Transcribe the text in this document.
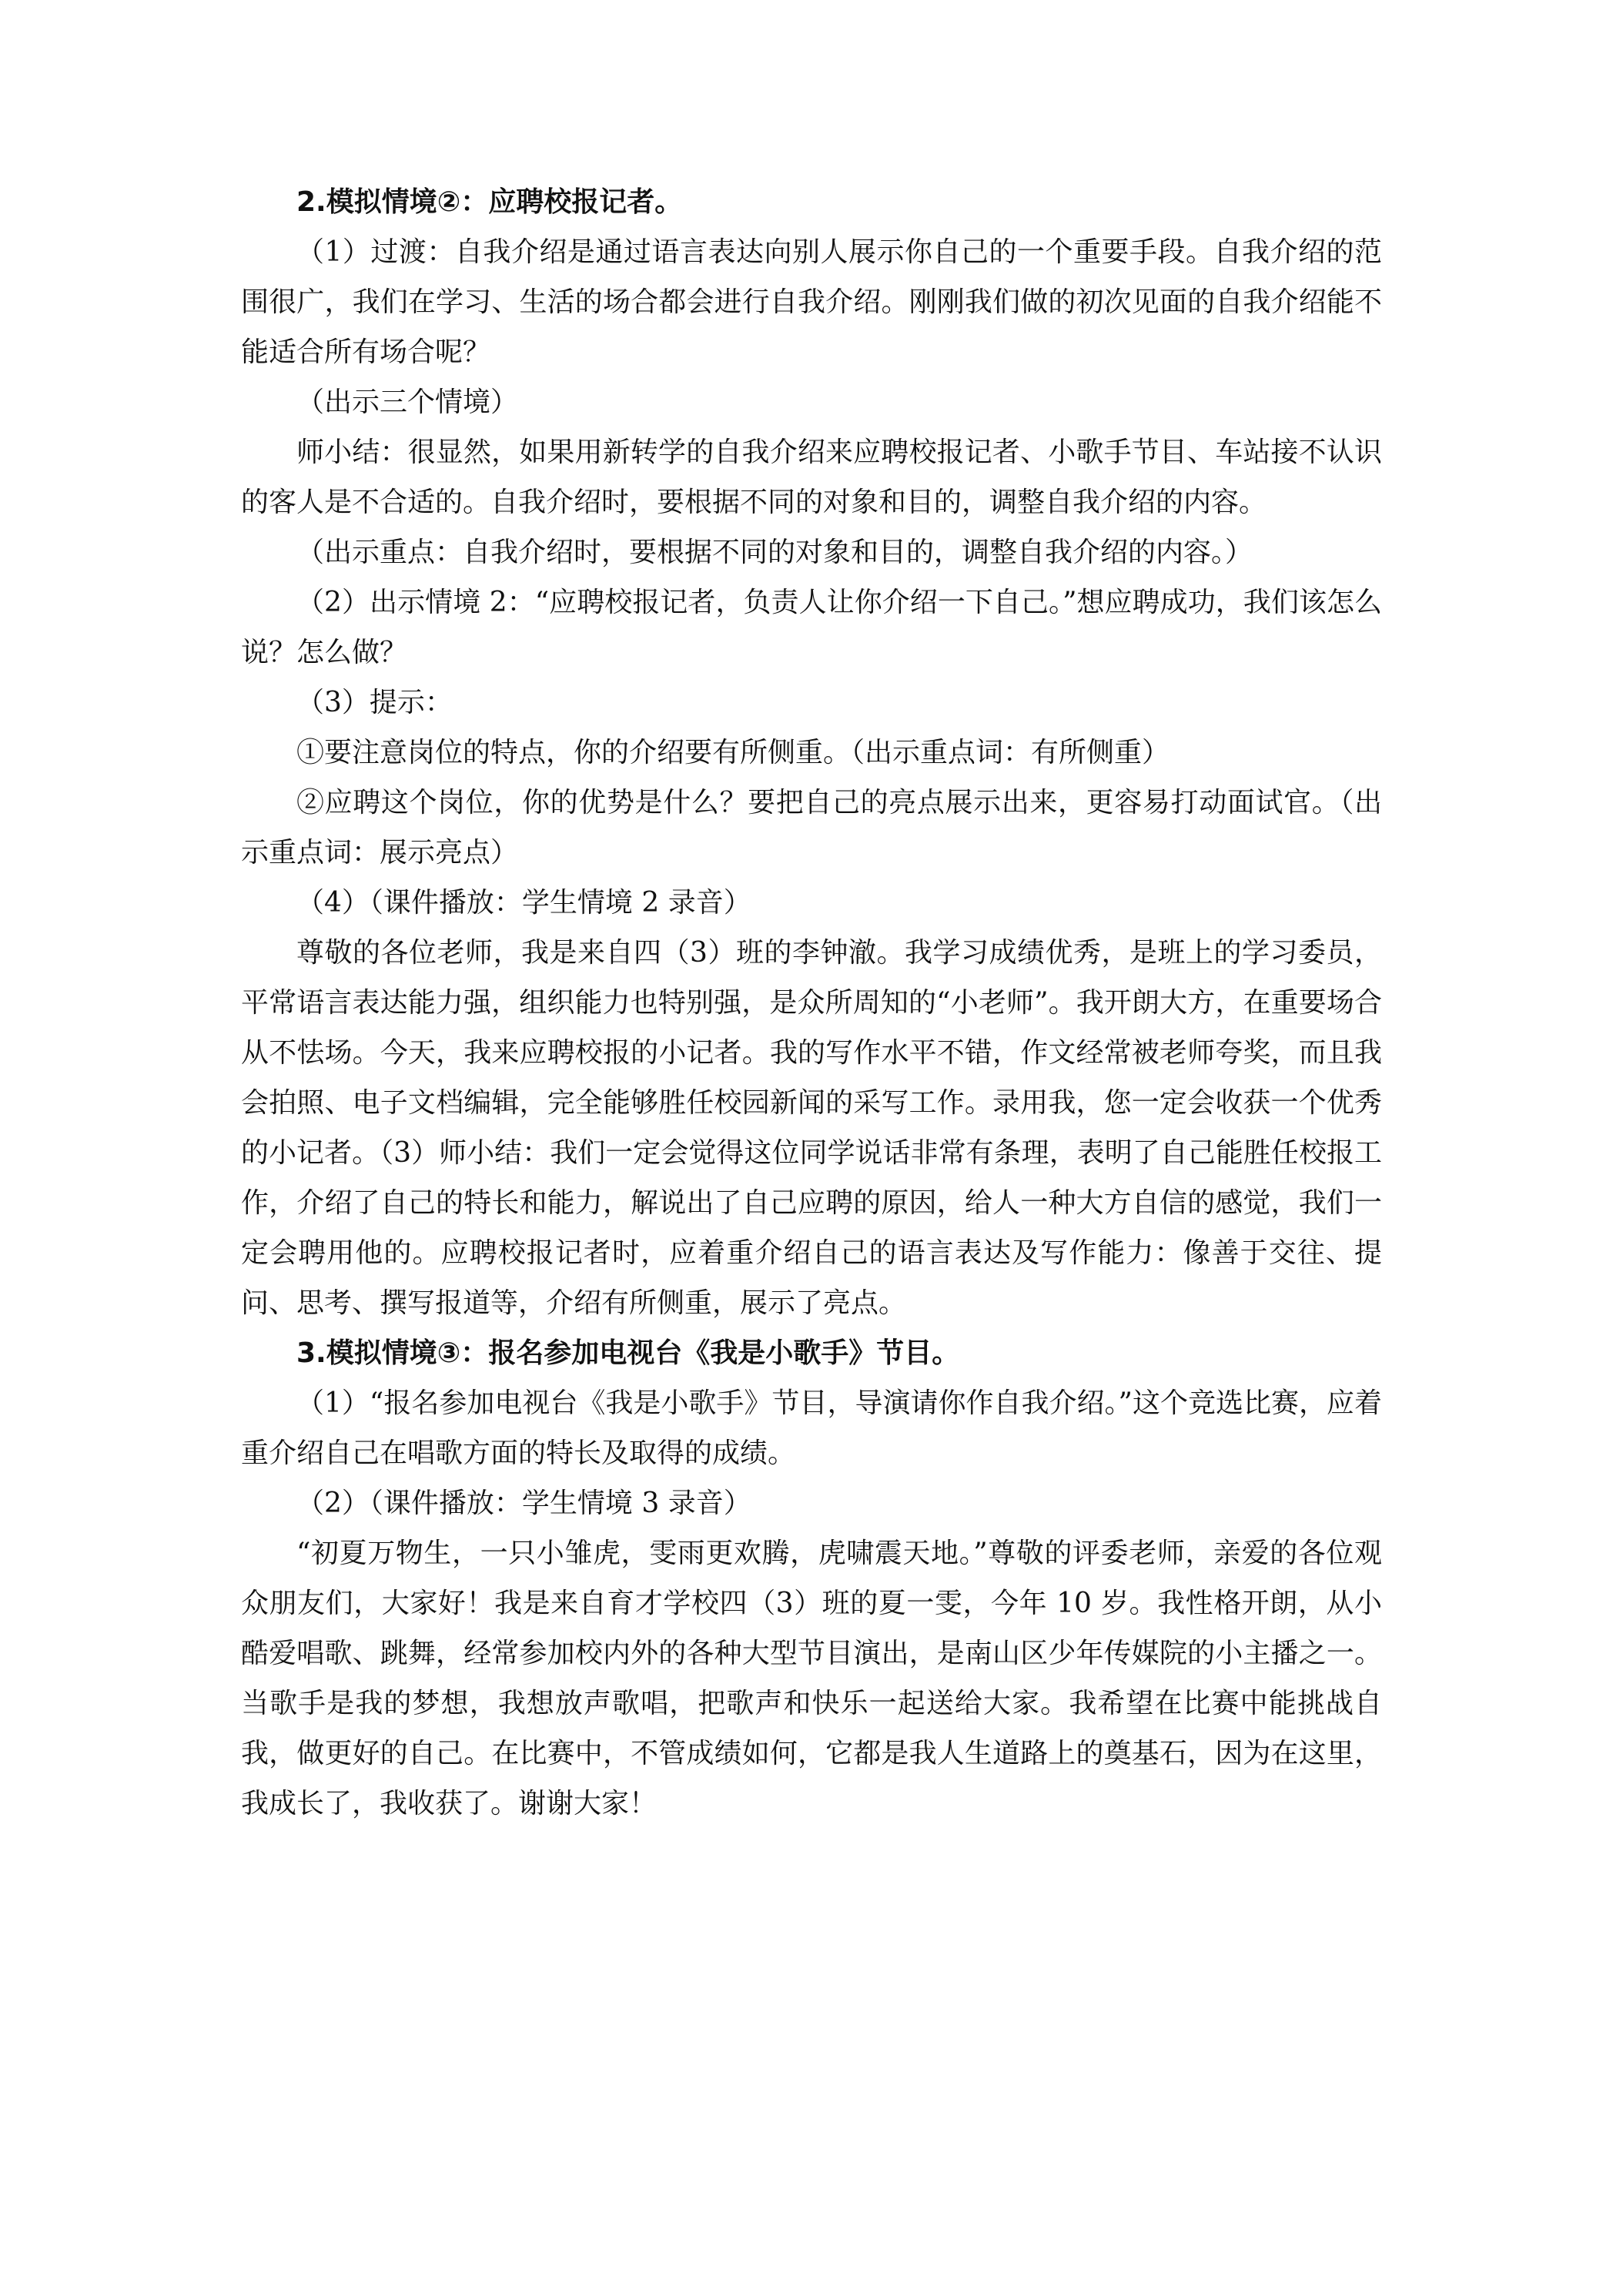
2.模拟情境②：应聘校报记者。

（1）过渡：自我介绍是通过语言表达向别人展示你自己的一个重要手段。自我介绍的范围很广，我们在学习、生活的场合都会进行自我介绍。刚刚我们做的初次见面的自我介绍能不能适合所有场合呢？

（出示三个情境）

师小结：很显然，如果用新转学的自我介绍来应聘校报记者、小歌手节目、车站接不认识的客人是不合适的。自我介绍时，要根据不同的对象和目的，调整自我介绍的内容。

（出示重点：自我介绍时，要根据不同的对象和目的，调整自我介绍的内容。）

（2）出示情境 2：“应聘校报记者，负责人让你介绍一下自己。”想应聘成功，我们该怎么说？怎么做？

（3）提示：

①要注意岗位的特点，你的介绍要有所侧重。（出示重点词：有所侧重）

②应聘这个岗位，你的优势是什么？要把自己的亮点展示出来，更容易打动面试官。（出示重点词：展示亮点）

（4）（课件播放：学生情境 2 录音）

尊敬的各位老师，我是来自四（3）班的李钟澈。我学习成绩优秀，是班上的学习委员，平常语言表达能力强，组织能力也特别强，是众所周知的“小老师”。我开朗大方，在重要场合从不怯场。今天，我来应聘校报的小记者。我的写作水平不错，作文经常被老师夸奖，而且我会拍照、电子文档编辑，完全能够胜任校园新闻的采写工作。录用我，您一定会收获一个优秀的小记者。（3）师小结：我们一定会觉得这位同学说话非常有条理，表明了自己能胜任校报工作，介绍了自己的特长和能力，解说出了自己应聘的原因，给人一种大方自信的感觉，我们一定会聘用他的。应聘校报记者时，应着重介绍自己的语言表达及写作能力：像善于交往、提问、思考、撰写报道等，介绍有所侧重，展示了亮点。

3.模拟情境③：报名参加电视台《我是小歌手》节目。

（1）“报名参加电视台《我是小歌手》节目，导演请你作自我介绍。”这个竞选比赛，应着重介绍自己在唱歌方面的特长及取得的成绩。

（2）（课件播放：学生情境 3 录音）

“初夏万物生，一只小雏虎，雯雨更欢腾，虎啸震天地。”尊敬的评委老师，亲爱的各位观众朋友们，大家好！我是来自育才学校四（3）班的夏一雯，今年 10 岁。我性格开朗，从小酷爱唱歌、跳舞，经常参加校内外的各种大型节目演出，是南山区少年传媒院的小主播之一。当歌手是我的梦想，我想放声歌唱，把歌声和快乐一起送给大家。我希望在比赛中能挑战自我，做更好的自己。在比赛中，不管成绩如何，它都是我人生道路上的奠基石，因为在这里，我成长了，我收获了。谢谢大家！
